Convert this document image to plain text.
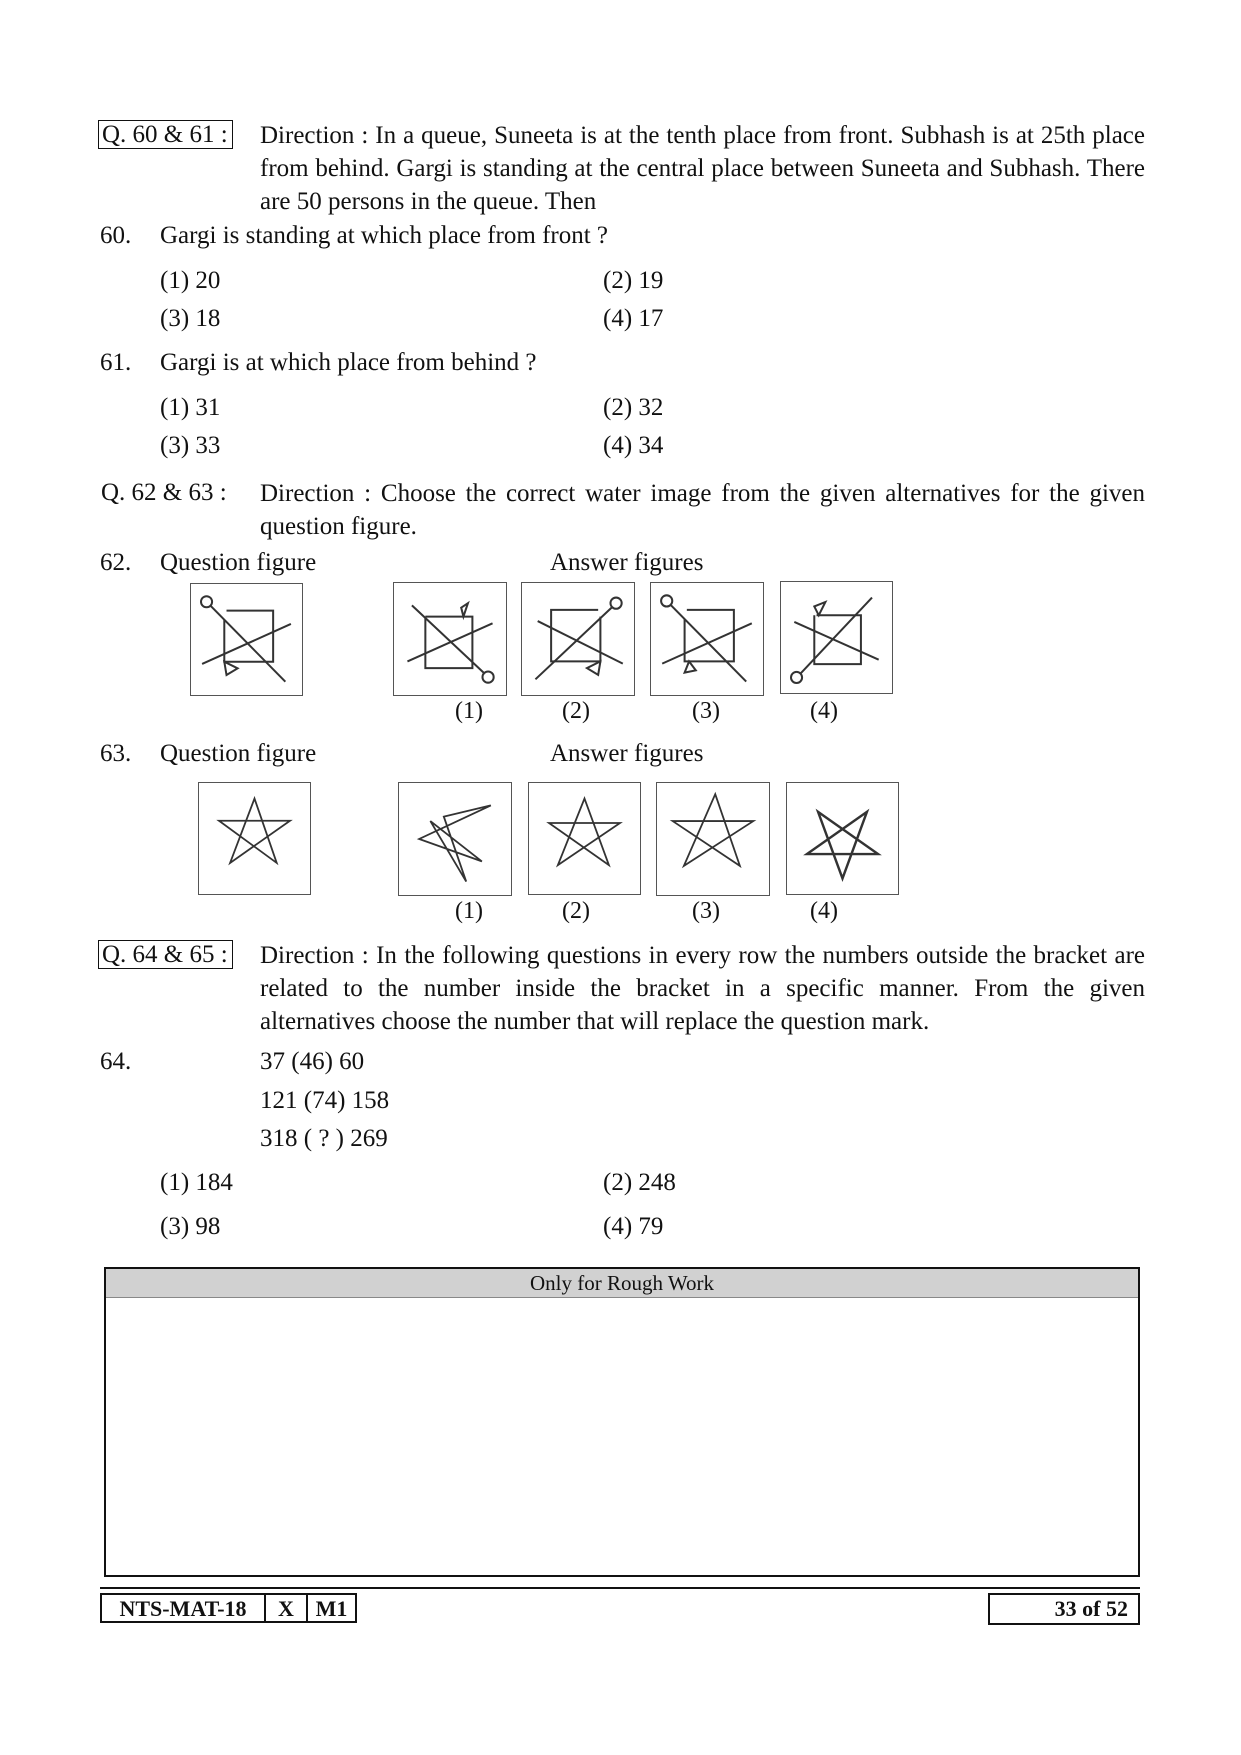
Q. 60 & 61 : Direction : In a queue, Suneeta is at the tenth place from front. Subhash is at 25th place from behind. Gargi is standing at the central place between Suneeta and Subhash. There are 50 persons in the queue. Then
60. Gargi is standing at which place from front ?
(1) 20	(2) 19
(3) 18	(4) 17
61. Gargi is at which place from behind ?
(1) 31	(2) 32
(3) 33	(4) 34
Q. 62 & 63 : Direction : Choose the correct water image from the given alternatives for the given question figure.
62. Question figure	Answer figures
(1)	(2)	(3)	(4)
63. Question figure	Answer figures
(1)	(2)	(3)	(4)
Q. 64 & 65 : Direction : In the following questions in every row the numbers outside the bracket are related to the number inside the bracket in a specific manner. From the given alternatives choose the number that will replace the question mark.
64.	37 (46) 60
121 (74) 158
318 ( ? ) 269
(1) 184	(2) 248
(3) 98	(4) 79
Only for Rough Work
NTS-MAT-18	X M1	33 of 52
